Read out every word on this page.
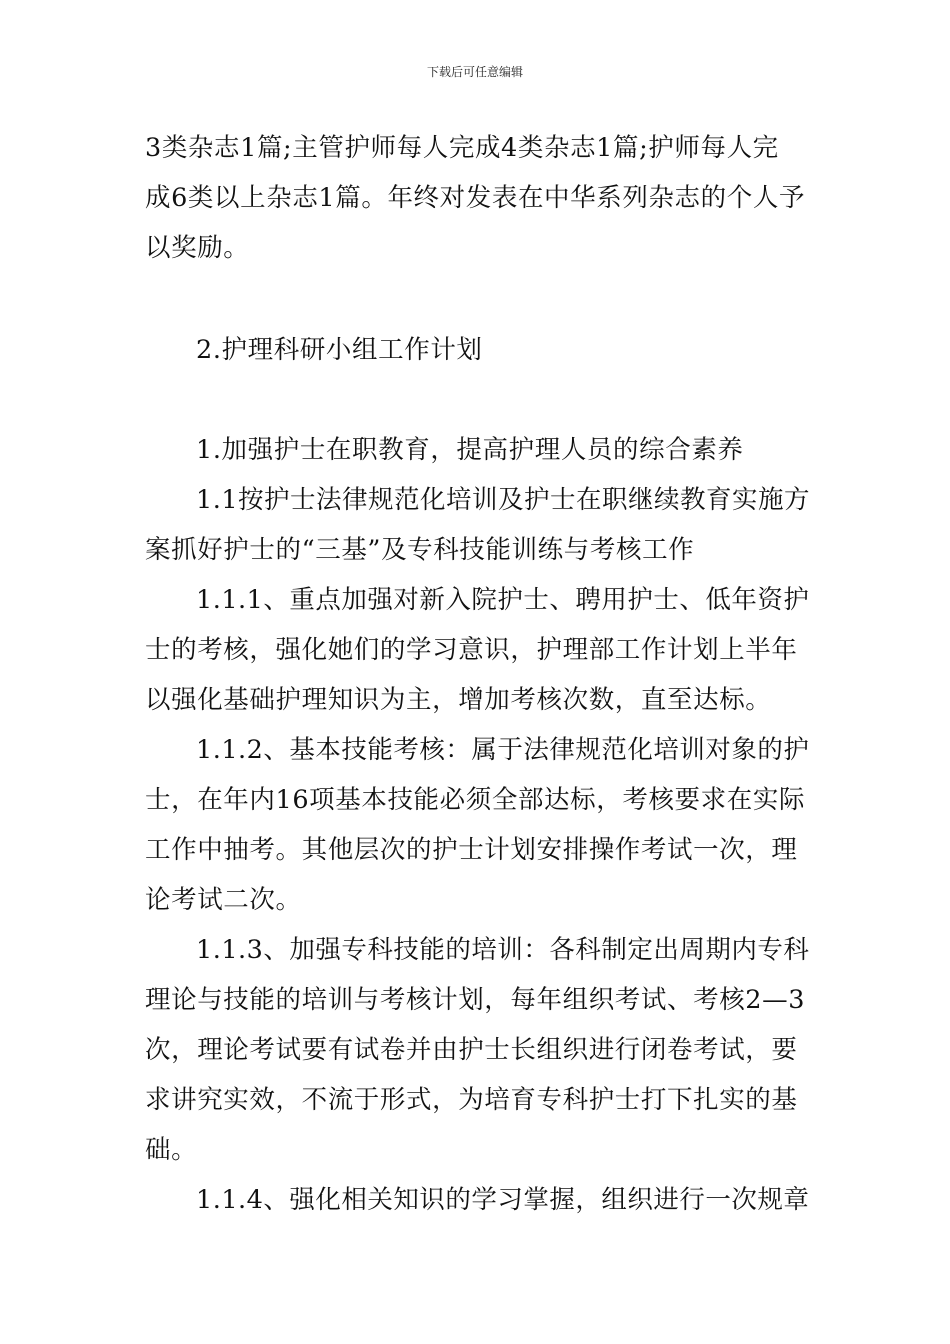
下载后可任意编辑
3类杂志1篇;主管护师每人完成4类杂志1篇;护师每人完
成6类以上杂志1篇。年终对发表在中华系列杂志的个人予
以奖励。
2.护理科研小组工作计划
1.加强护士在职教育，提高护理人员的综合素养
1.1按护士法律规范化培训及护士在职继续教育实施方
案抓好护士的“三基”及专科技能训练与考核工作
1.1.1、重点加强对新入院护士、聘用护士、低年资护
士的考核，强化她们的学习意识，护理部工作计划上半年
以强化基础护理知识为主，增加考核次数，直至达标。
1.1.2、基本技能考核：属于法律规范化培训对象的护
士，在年内16项基本技能必须全部达标，考核要求在实际
工作中抽考。其他层次的护士计划安排操作考试一次，理
论考试二次。
1.1.3、加强专科技能的培训：各科制定出周期内专科
理论与技能的培训与考核计划，每年组织考试、考核2—3
次，理论考试要有试卷并由护士长组织进行闭卷考试，要
求讲究实效，不流于形式，为培育专科护士打下扎实的基
础。
1.1.4、强化相关知识的学习掌握，组织进行一次规章
